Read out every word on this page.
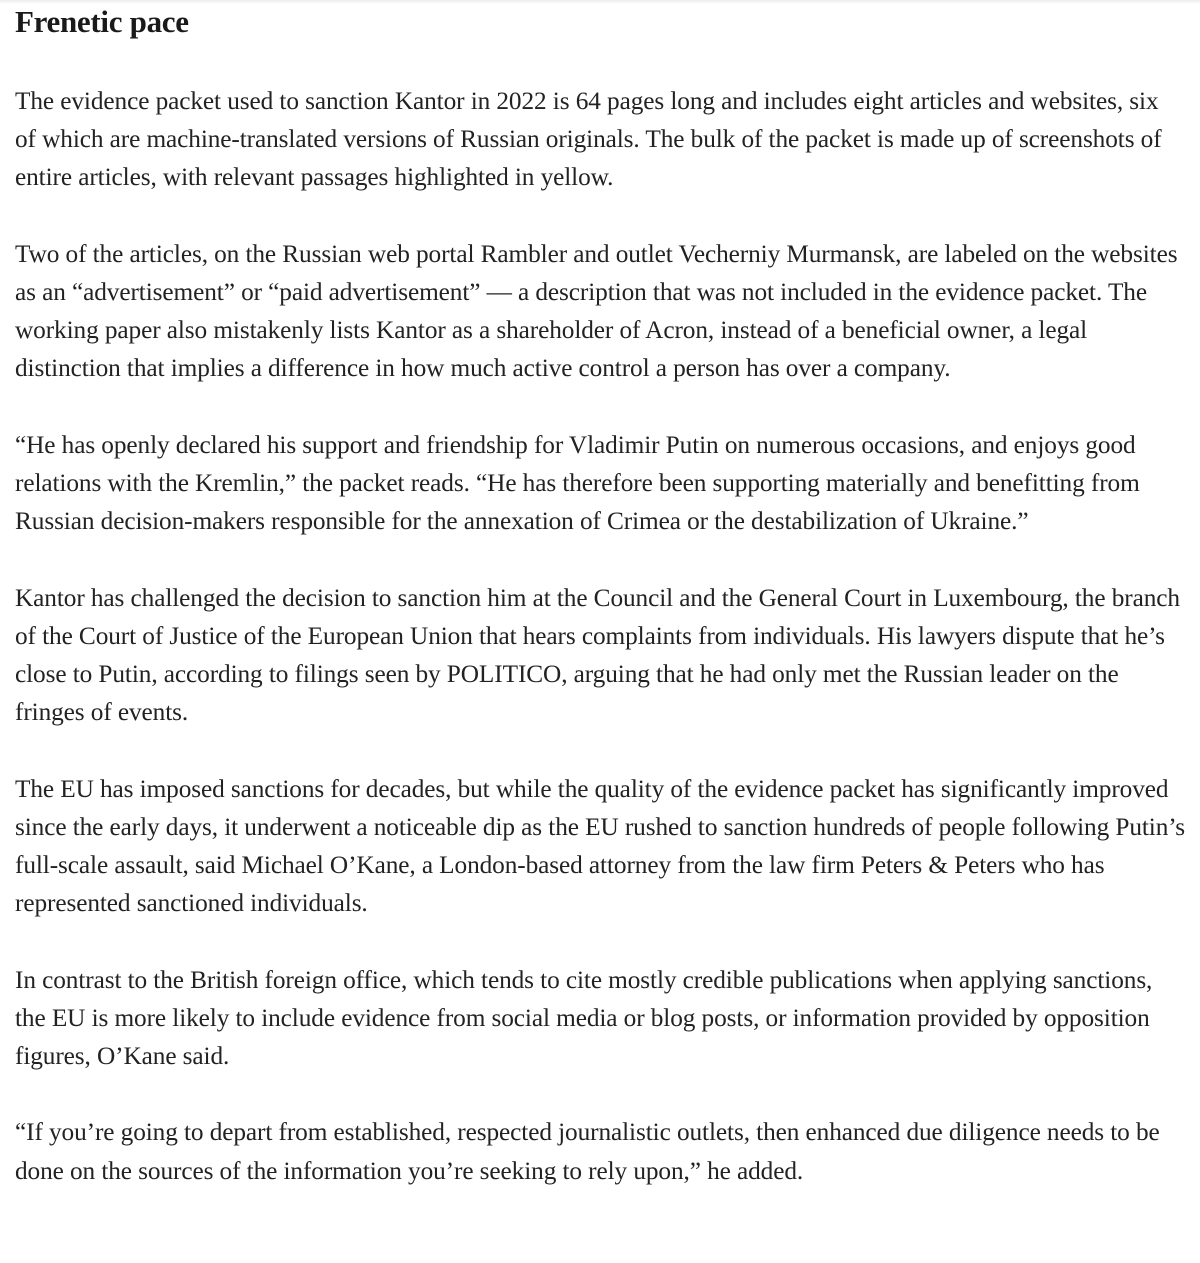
Frenetic pace

The evidence packet used to sanction Kantor in 2022 is 64 pages long and includes eight articles and websites, six of which are machine-translated versions of Russian originals. The bulk of the packet is made up of screenshots of entire articles, with relevant passages highlighted in yellow.

Two of the articles, on the Russian web portal Rambler and outlet Vecherniy Murmansk, are labeled on the websites as an “advertisement” or “paid advertisement” — a description that was not included in the evidence packet. The working paper also mistakenly lists Kantor as a shareholder of Acron, instead of a beneficial owner, a legal distinction that implies a difference in how much active control a person has over a company.

“He has openly declared his support and friendship for Vladimir Putin on numerous occasions, and enjoys good relations with the Kremlin,” the packet reads. “He has therefore been supporting materially and benefitting from Russian decision-makers responsible for the annexation of Crimea or the destabilization of Ukraine.”

Kantor has challenged the decision to sanction him at the Council and the General Court in Luxembourg, the branch of the Court of Justice of the European Union that hears complaints from individuals. His lawyers dispute that he’s close to Putin, according to filings seen by POLITICO, arguing that he had only met the Russian leader on the fringes of events.

The EU has imposed sanctions for decades, but while the quality of the evidence packet has significantly improved since the early days, it underwent a noticeable dip as the EU rushed to sanction hundreds of people following Putin’s full-scale assault, said Michael O’Kane, a London-based attorney from the law firm Peters & Peters who has represented sanctioned individuals.

In contrast to the British foreign office, which tends to cite mostly credible publications when applying sanctions, the EU is more likely to include evidence from social media or blog posts, or information provided by opposition figures, O’Kane said.

“If you’re going to depart from established, respected journalistic outlets, then enhanced due diligence needs to be done on the sources of the information you’re seeking to rely upon,” he added.
